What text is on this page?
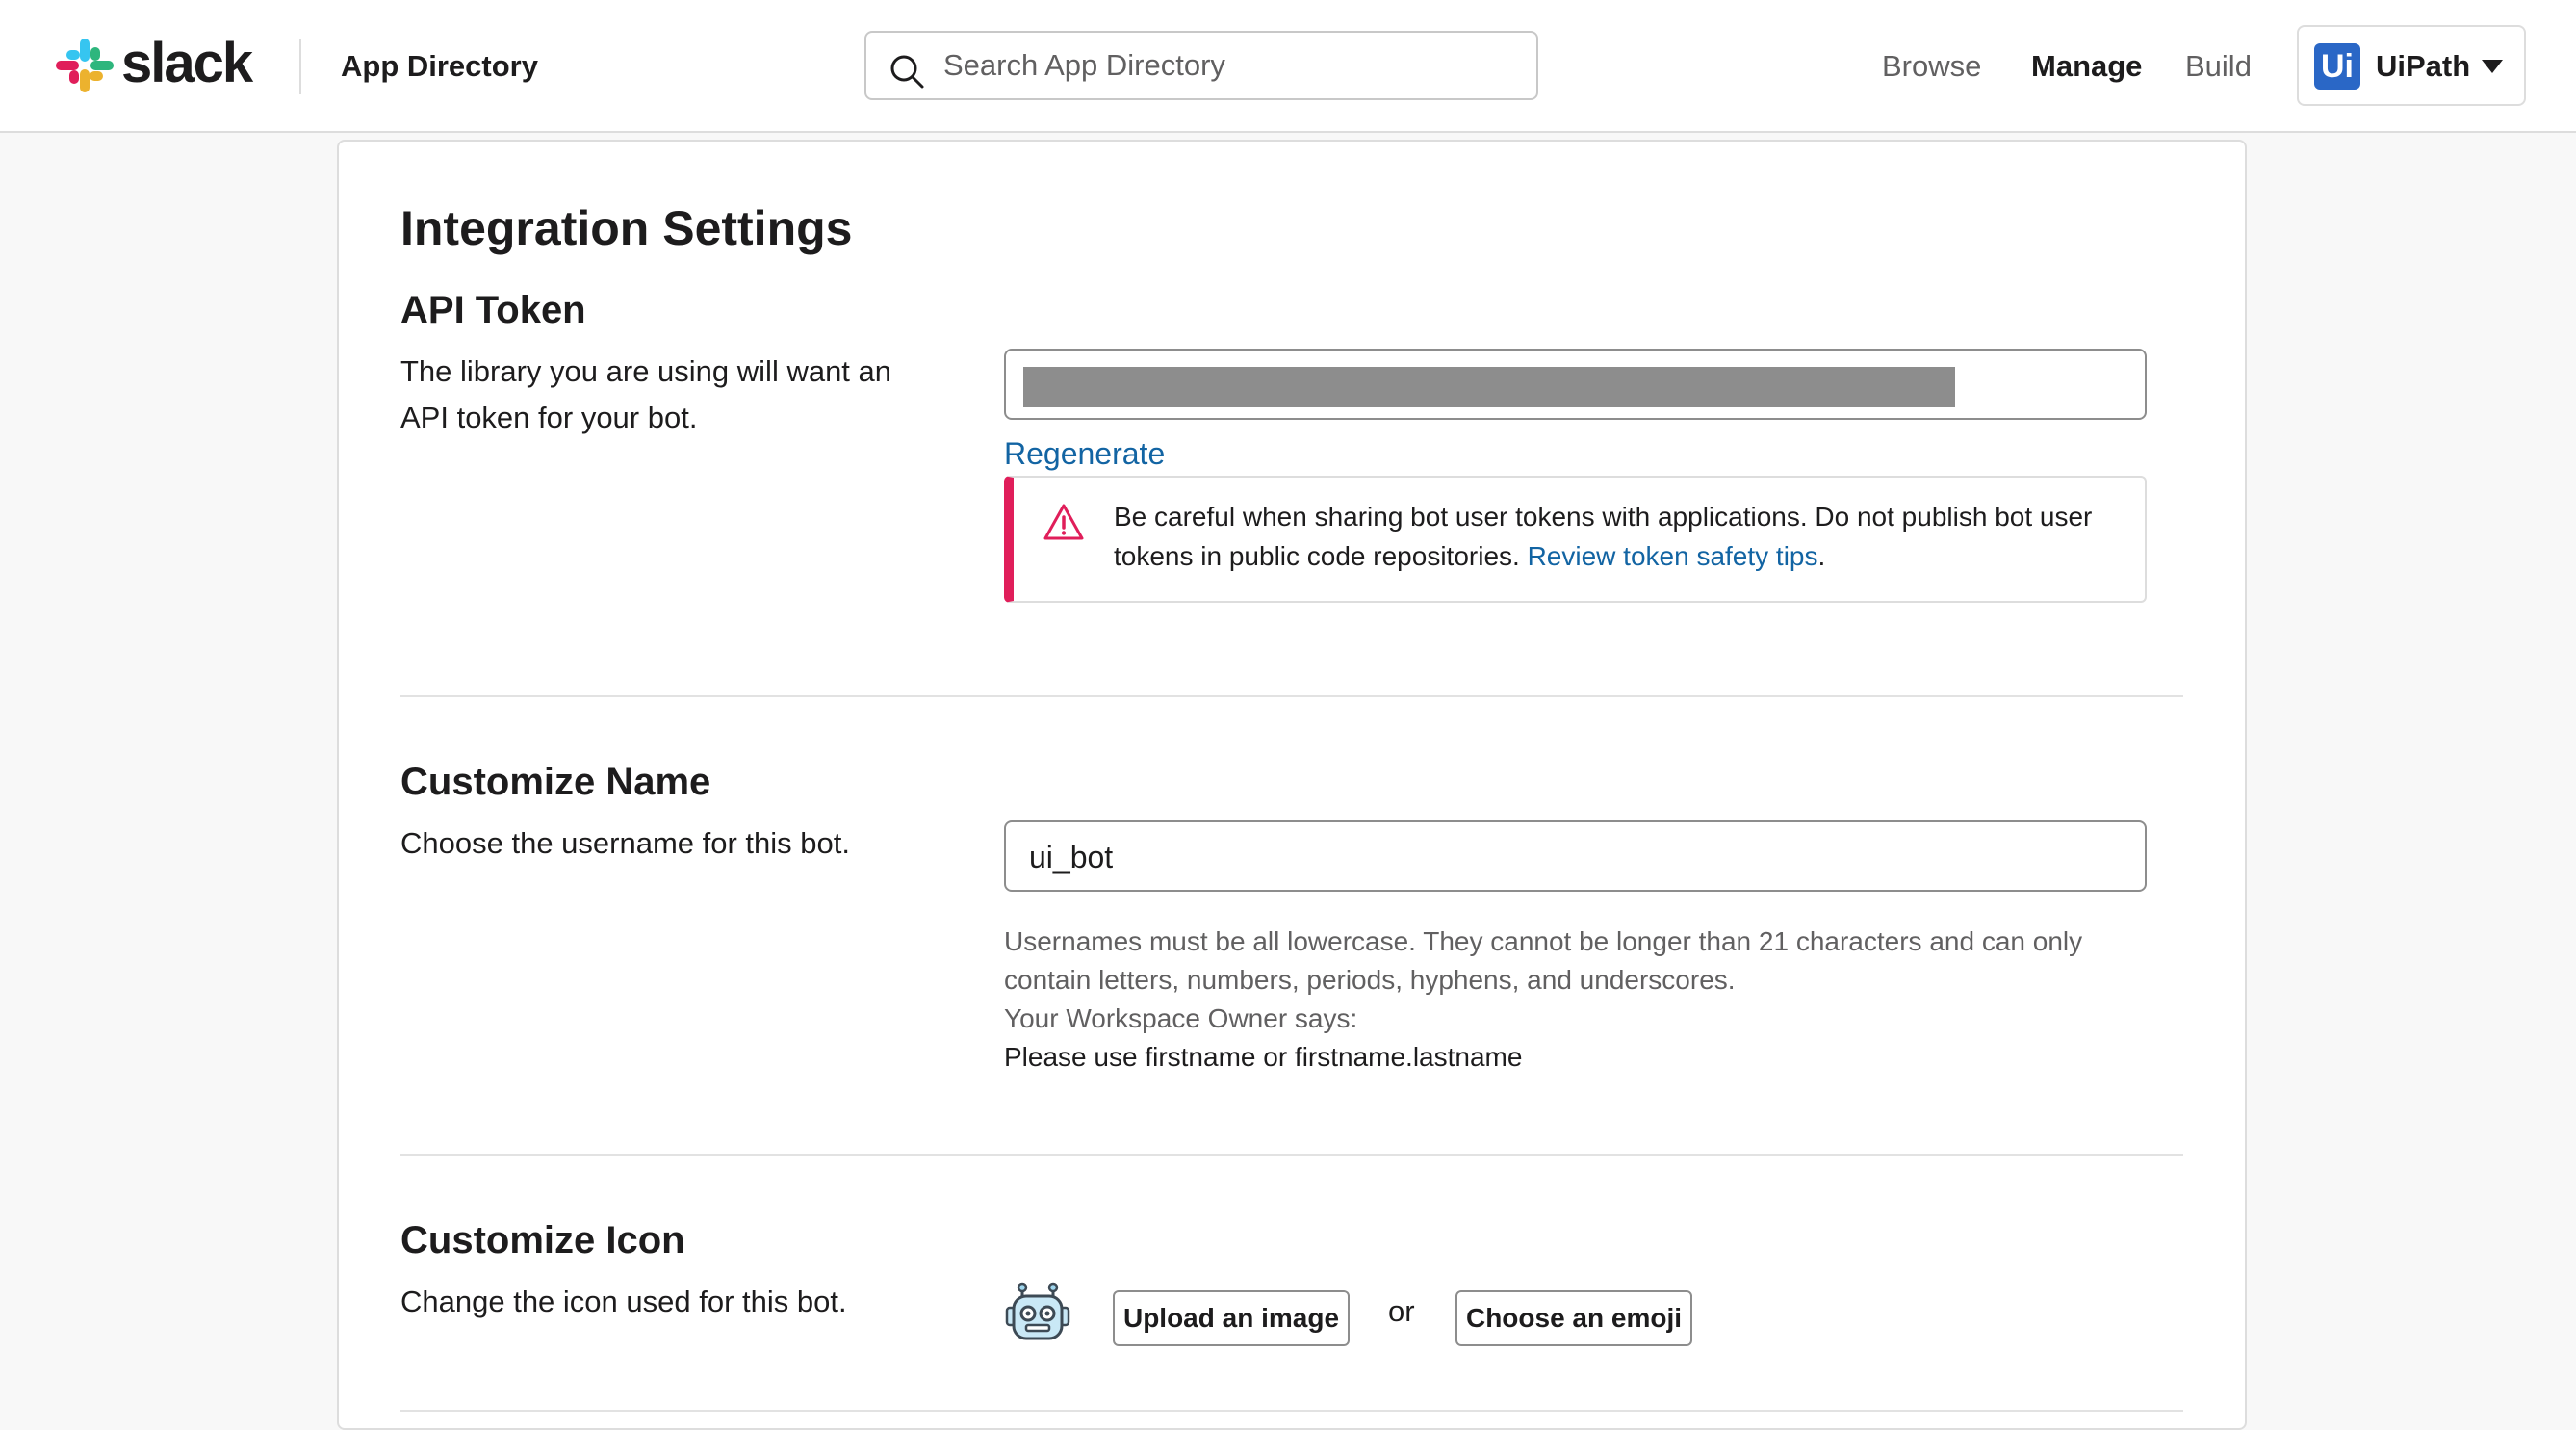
slack	App Directory
Search App Directory	Browse Manage Build Ui UiPath
Integration Settings
API Token

The library you are using will want an API token for your bot.

Regenerate
Be careful when sharing bot user tokens with applications. Do not publish bot user tokens in public code repositories. Review token safety tips.
Customize Name

Choose the username for this bot.

ui_bot
Usernames must be all lowercase. They cannot be longer than 21 characters and can only contain letters, numbers, periods, hyphens, and underscores.
Your Workspace Owner says:
Please use firstname or firstname.lastname
Customize Icon

Change the icon used for this bot.	Upload an image	or	Choose an emoji
